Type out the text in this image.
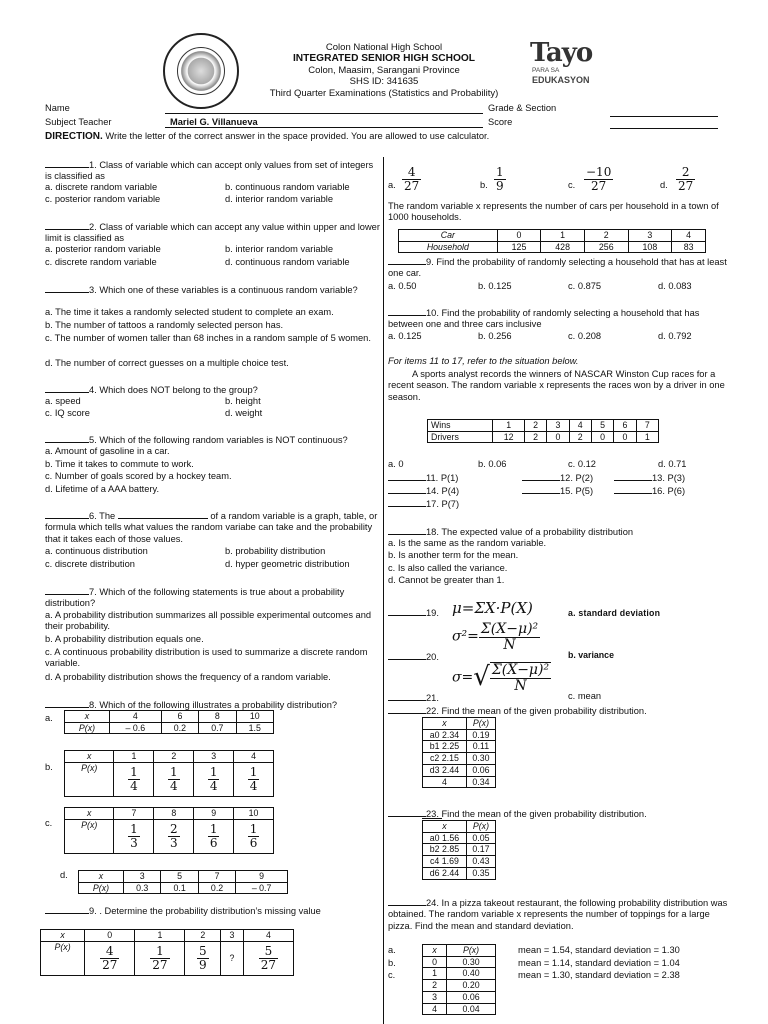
Colon National High School
INTEGRATED SENIOR HIGH SCHOOL
Colon, Maasim, Sarangani Province
SHS ID: 341635
Third Quarter Examinations (Statistics and Probability)
Tayo
PARA SA
EDUKASYON
Name	Grade & Section
Subject Teacher	Mariel G. Villanueva	Score
DIRECTION. Write the letter of the correct answer in the space provided. You are allowed to use calculator.
1. Class of variable which can accept only values from set of integers is classified as
a. discrete random variable	b. continuous random variable
c. posterior random variable	d. interior random variable
2. Class of variable which can accept any value within upper and lower limit is classified as
a. posterior random variable	b. interior random variable
c. discrete random variable	d. continuous random variable
3. Which one of these variables is a continuous random variable?
a. The time it takes a randomly selected student to complete an exam.
b. The number of tattoos a randomly selected person has.
c. The number of women taller than 68 inches in a random sample of 5 women.
d. The number of correct guesses on a multiple choice test.
4. Which does NOT belong to the group?
a. speed	b. height
c. IQ score	d. weight
5. Which of the following random variables is NOT continuous?
a. Amount of gasoline in a car.
b. Time it takes to commute to work.
c. Number of goals scored by a hockey team.
d. Lifetime of a AAA battery.
6. The	of a random variable is a graph, table, or formula which tells what values the random variabe can take and the probability that it takes each of those values.
a. continuous distribution	b. probability distribution
c. discrete distribution	d. hyper geometric distribution
7. Which of the following statements is true about a probability distribution?
a. A probability distribution summarizes all possible experimental outcomes and their probability.
b. A probability distribution equals one.
c. A continuous probability distribution is used to summarize a discrete random variable.
d. A probability distribution shows the frequency of a random variable.
8. Which of the following illustrates a probability distribution?
a.	x	4	6	8	10
P(x)	– 0.6	0.2	0.7	1.5
b.
x	1	2	3	4
P(x)	$\frac{1}{4}$	$\frac{1}{4}$	$\frac{1}{4}$	$\frac{1}{4}$
c.
x	7	8	9	10
P(x)	$\frac{1}{3}$	$\frac{2}{3}$	$\frac{1}{6}$	$\frac{1}{6}$
d.	x	3	5	7	9
P(x)	0.3	0.1	0.2	– 0.7
9. . Determine the probability distribution’s missing value
x	0	1	2	3	4
P(x)	$\frac{4}{27}$	$\frac{1}{27}$	$\frac{5}{9}$	?	$\frac{5}{27}$
a. $\frac{4}{27}$	b. $\frac{1}{9}$	c. $\frac{-10}{27}$	d. $\frac{2}{27}$
The random variable x represents the number of cars per household in a town of 1000 households.
Car	0	1	2	3	4
Household	125	428	256	108	83
9. Find the probability of randomly selecting a household that has at least one car.
a. 0.50	b. 0.125	c. 0.875	d. 0.083
10. Find the probability of randomly selecting a household that has between one and three cars inclusive
a. 0.125	b. 0.256	c. 0.208	d. 0.792
For items 11 to 17, refer to the situation below.
A sports analyst records the winners of NASCAR Winston Cup races for a recent season. The random variable x represents the races won by a driver in one season.
Wins	1	2	3	4	5	6	7
Drivers	12	2	0	2	0	0	1
a. 0	b. 0.06	c. 0.12	d. 0.71
11. P(1)	12. P(2)	13. P(3)
14. P(4)	15. P(5)	16. P(6)
17. P(7)
18. The expected value of a probability distribution
a. Is the same as the random variable.
b. Is another term for the mean.
c. Is also called the variance.
d. Cannot be greater than 1.
19. μ=ΣX·P(X)	a. standard deviation
20.
$\sigma^2= \frac{\text{Σ(X−μ)²}}{N}$
b. variance
21.
$\sigma=√ \frac{\text{Σ(X−μ)²}}{N}$
c. mean
22. Find the mean of the given probability distribution.
x	P(x)
a0 2.34	0.19
b1 2.25	0.11
c2 2.15	0.30
d3 2.44	0.06
4	0.34
23. Find the mean of the given probability distribution.
x	P(x)
a0 1.56	0.05
b2 2.85	0.17
c4 1.69	0.43
d6 2.44	0.35
24. In a pizza takeout restaurant, the following probability distribution was obtained. The random variable x represents the number of toppings for a large pizza. Find the mean and standard deviation.
a.
b.
c.
x	P(x)
0	0.30
1	0.40
2	0.20
3	0.06
4	0.04
mean = 1.54, standard deviation = 1.30
mean = 1.14, standard deviation = 1.04
mean = 1.30, standard deviation = 2.38
